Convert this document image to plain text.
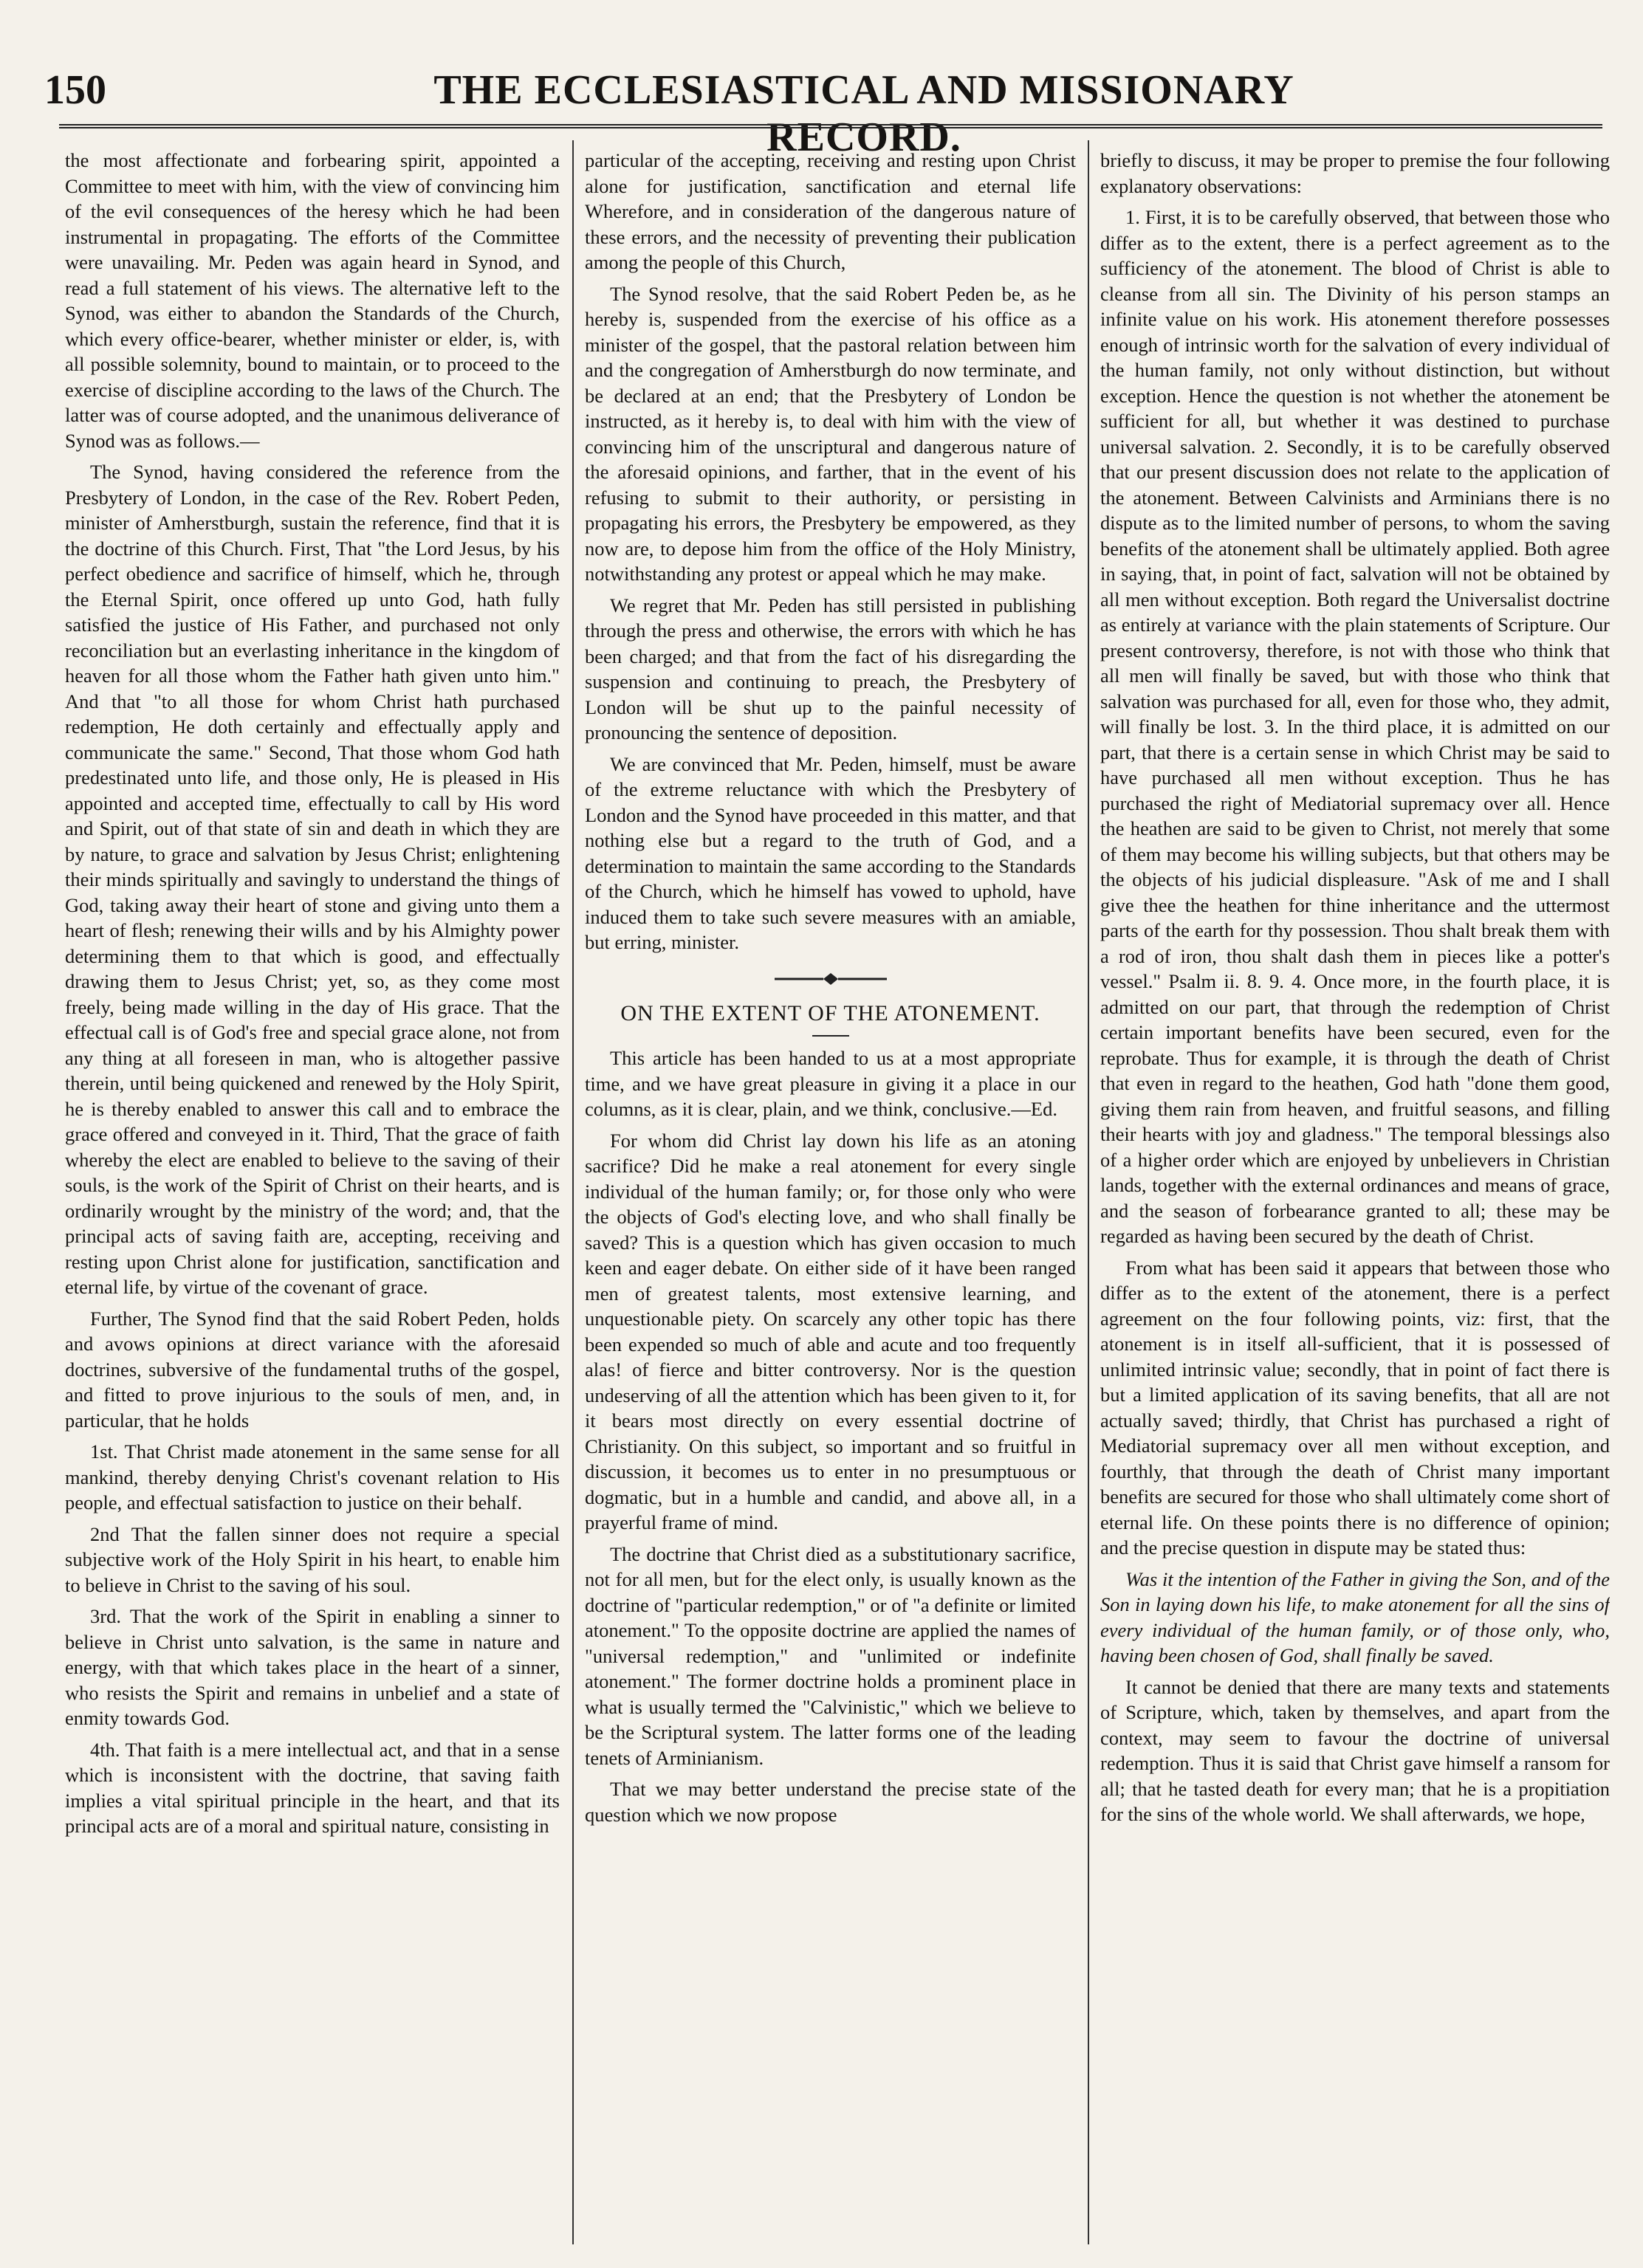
150	THE ECCLESIASTICAL AND MISSIONARY RECORD.

the most affectionate and forbearing spirit, appointed a Committee to meet with him, with the view of convincing him of the evil consequences of the heresy which he had been instrumental in propagating. The efforts of the Committee were unavailing. Mr. Peden was again heard in Synod, and read a full statement of his views. The alternative left to the Synod, was either to abandon the Standards of the Church, which every office-bearer, whether minister or elder, is, with all possible solemnity, bound to maintain, or to proceed to the exercise of discipline according to the laws of the Church. The latter was of course adopted, and the unanimous deliverance of Synod was as follows.—

The Synod, having considered the reference from the Presbytery of London, in the case of the Rev. Robert Peden, minister of Amherstburgh, sustain the reference, find that it is the doctrine of this Church. First, That "the Lord Jesus, by his perfect obedience and sacrifice of himself, which he, through the Eternal Spirit, once offered up unto God, hath fully satisfied the justice of His Father, and purchased not only reconciliation but an everlasting inheritance in the kingdom of heaven for all those whom the Father hath given unto him." And that "to all those for whom Christ hath purchased redemption, He doth certainly and effectually apply and communicate the same." Second, That those whom God hath predestinated unto life, and those only, He is pleased in His appointed and accepted time, effectually to call by His word and Spirit, out of that state of sin and death in which they are by nature, to grace and salvation by Jesus Christ; enlightening their minds spiritually and savingly to understand the things of God, taking away their heart of stone and giving unto them a heart of flesh; renewing their wills and by his Almighty power determining them to that which is good, and effectually drawing them to Jesus Christ; yet, so, as they come most freely, being made willing in the day of His grace. That the effectual call is of God's free and special grace alone, not from any thing at all foreseen in man, who is altogether passive therein, until being quickened and renewed by the Holy Spirit, he is thereby enabled to answer this call and to embrace the grace offered and conveyed in it. Third, That the grace of faith whereby the elect are enabled to believe to the saving of their souls, is the work of the Spirit of Christ on their hearts, and is ordinarily wrought by the ministry of the word; and, that the principal acts of saving faith are, accepting, receiving and resting upon Christ alone for justification, sanctification and eternal life, by virtue of the covenant of grace.

Further, The Synod find that the said Robert Peden, holds and avows opinions at direct variance with the aforesaid doctrines, subversive of the fundamental truths of the gospel, and fitted to prove injurious to the souls of men, and, in particular, that he holds

1st. That Christ made atonement in the same sense for all mankind, thereby denying Christ's covenant relation to His people, and effectual satisfaction to justice on their behalf.

2nd That the fallen sinner does not require a special subjective work of the Holy Spirit in his heart, to enable him to believe in Christ to the saving of his soul.

3rd. That the work of the Spirit in enabling a sinner to believe in Christ unto salvation, is the same in nature and energy, with that which takes place in the heart of a sinner, who resists the Spirit and remains in unbelief and a state of enmity towards God.

4th. That faith is a mere intellectual act, and that in a sense which is inconsistent with the doctrine, that saving faith implies a vital spiritual principle in the heart, and that its principal acts are of a moral and spiritual nature, consisting in

particular of the accepting, receiving and resting upon Christ alone for justification, sanctification and eternal life Wherefore, and in consideration of the dangerous nature of these errors, and the necessity of preventing their publication among the people of this Church,

The Synod resolve, that the said Robert Peden be, as he hereby is, suspended from the exercise of his office as a minister of the gospel, that the pastoral relation between him and the congregation of Amherstburgh do now terminate, and be declared at an end; that the Presbytery of London be instructed, as it hereby is, to deal with him with the view of convincing him of the unscriptural and dangerous nature of the aforesaid opinions, and farther, that in the event of his refusing to submit to their authority, or persisting in propagating his errors, the Presbytery be empowered, as they now are, to depose him from the office of the Holy Ministry, notwithstanding any protest or appeal which he may make.

We regret that Mr. Peden has still persisted in publishing through the press and otherwise, the errors with which he has been charged; and that from the fact of his disregarding the suspension and continuing to preach, the Presbytery of London will be shut up to the painful necessity of pronouncing the sentence of deposition.

We are convinced that Mr. Peden, himself, must be aware of the extreme reluctance with which the Presbytery of London and the Synod have proceeded in this matter, and that nothing else but a regard to the truth of God, and a determination to maintain the same according to the Standards of the Church, which he himself has vowed to uphold, have induced them to take such severe measures with an amiable, but erring, minister.

ON THE EXTENT OF THE ATONEMENT.

This article has been handed to us at a most appropriate time, and we have great pleasure in giving it a place in our columns, as it is clear, plain, and we think, conclusive.—Ed.

For whom did Christ lay down his life as an atoning sacrifice? Did he make a real atonement for every single individual of the human family; or, for those only who were the objects of God's electing love, and who shall finally be saved? This is a question which has given occasion to much keen and eager debate. On either side of it have been ranged men of greatest talents, most extensive learning, and unquestionable piety. On scarcely any other topic has there been expended so much of able and acute and too frequently alas! of fierce and bitter controversy. Nor is the question undeserving of all the attention which has been given to it, for it bears most directly on every essential doctrine of Christianity. On this subject, so important and so fruitful in discussion, it becomes us to enter in no presumptuous or dogmatic, but in a humble and candid, and above all, in a prayerful frame of mind.

The doctrine that Christ died as a substitutionary sacrifice, not for all men, but for the elect only, is usually known as the doctrine of "particular redemption," or of "a definite or limited atonement." To the opposite doctrine are applied the names of "universal redemption," and "unlimited or indefinite atonement." The former doctrine holds a prominent place in what is usually termed the "Calvinistic," which we believe to be the Scriptural system. The latter forms one of the leading tenets of Arminianism.

That we may better understand the precise state of the question which we now propose

briefly to discuss, it may be proper to premise the four following explanatory observations:

1. First, it is to be carefully observed, that between those who differ as to the extent, there is a perfect agreement as to the sufficiency of the atonement. The blood of Christ is able to cleanse from all sin. The Divinity of his person stamps an infinite value on his work. His atonement therefore possesses enough of intrinsic worth for the salvation of every individual of the human family, not only without distinction, but without exception. Hence the question is not whether the atonement be sufficient for all, but whether it was destined to purchase universal salvation. 2. Secondly, it is to be carefully observed that our present discussion does not relate to the application of the atonement. Between Calvinists and Arminians there is no dispute as to the limited number of persons, to whom the saving benefits of the atonement shall be ultimately applied. Both agree in saying, that, in point of fact, salvation will not be obtained by all men without exception. Both regard the Universalist doctrine as entirely at variance with the plain statements of Scripture. Our present controversy, therefore, is not with those who think that all men will finally be saved, but with those who think that salvation was purchased for all, even for those who, they admit, will finally be lost. 3. In the third place, it is admitted on our part, that there is a certain sense in which Christ may be said to have purchased all men without exception. Thus he has purchased the right of Mediatorial supremacy over all. Hence the heathen are said to be given to Christ, not merely that some of them may become his willing subjects, but that others may be the objects of his judicial displeasure. "Ask of me and I shall give thee the heathen for thine inheritance and the uttermost parts of the earth for thy possession. Thou shalt break them with a rod of iron, thou shalt dash them in pieces like a potter's vessel." Psalm ii. 8. 9. 4. Once more, in the fourth place, it is admitted on our part, that through the redemption of Christ certain important benefits have been secured, even for the reprobate. Thus for example, it is through the death of Christ that even in regard to the heathen, God hath "done them good, giving them rain from heaven, and fruitful seasons, and filling their hearts with joy and gladness." The temporal blessings also of a higher order which are enjoyed by unbelievers in Christian lands, together with the external ordinances and means of grace, and the season of forbearance granted to all; these may be regarded as having been secured by the death of Christ.

From what has been said it appears that between those who differ as to the extent of the atonement, there is a perfect agreement on the four following points, viz: first, that the atonement is in itself all-sufficient, that it is possessed of unlimited intrinsic value; secondly, that in point of fact there is but a limited application of its saving benefits, that all are not actually saved; thirdly, that Christ has purchased a right of Mediatorial supremacy over all men without exception, and fourthly, that through the death of Christ many important benefits are secured for those who shall ultimately come short of eternal life. On these points there is no difference of opinion; and the precise question in dispute may be stated thus:

Was it the intention of the Father in giving the Son, and of the Son in laying down his life, to make atonement for all the sins of every individual of the human family, or of those only, who, having been chosen of God, shall finally be saved.

It cannot be denied that there are many texts and statements of Scripture, which, taken by themselves, and apart from the context, may seem to favour the doctrine of universal redemption. Thus it is said that Christ gave himself a ransom for all; that he tasted death for every man; that he is a propitiation for the sins of the whole world. We shall afterwards, we hope,
